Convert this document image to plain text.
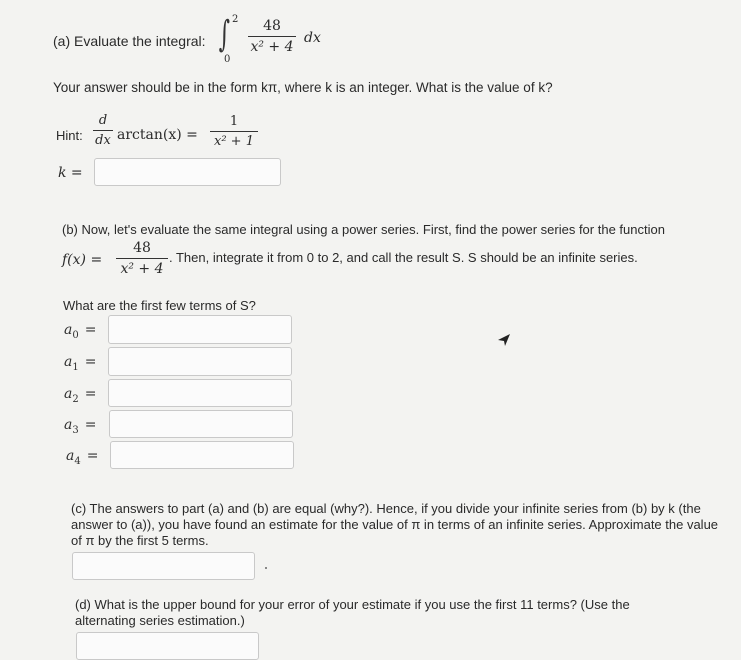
(a) Evaluate the integral: ∫ 2
0
48
x² + 4
dx
Your answer should be in the form kπ, where k is an integer. What is the value of k?
Hint:
d
dx arctan(x) =
1
x² + 1
k =
(b) Now, let's evaluate the same integral using a power series. First, find the power series for the function
f(x) =
48
x² + 4
. Then, integrate it from 0 to 2, and call the result S. S should be an infinite series.
What are the first few terms of S?
$a_0$ =
$a_1$ =
$a_2$ =
$a_3$ =
$a_4$ =
(c) The answers to part (a) and (b) are equal (why?). Hence, if you divide your infinite series from (b) by k (the answer to (a)), you have found an estimate for the value of π in terms of an infinite series. Approximate the value of π by the first 5 terms.
(d) What is the upper bound for your error of your estimate if you use the first 11 terms? (Use the alternating series estimation.)
